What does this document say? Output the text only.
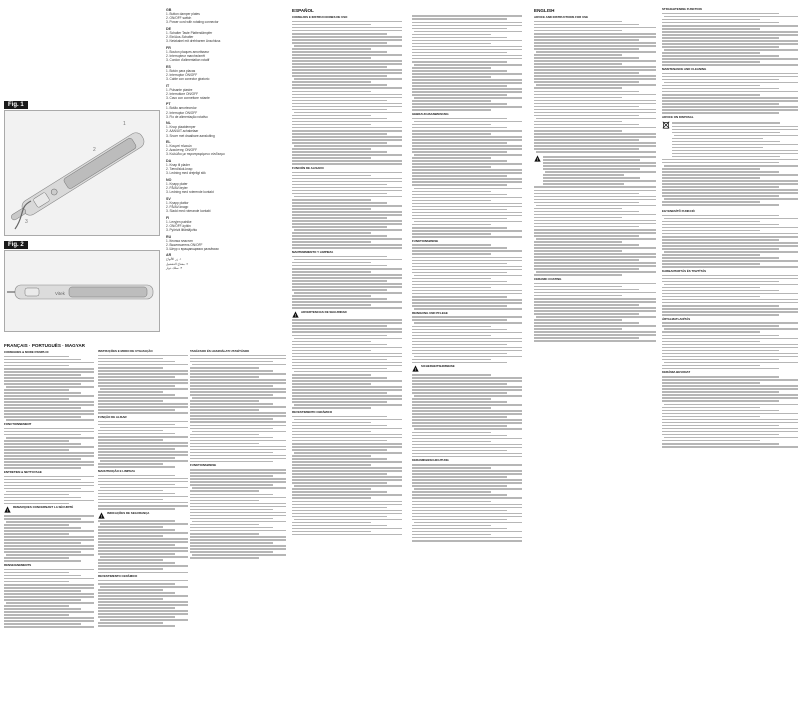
Fig. 1
1
2
3
Fig. 2
Vitek
GB
1. Button damper plates
2. ON/OFF switch
3. Power cord with rotating connector
DE
1. Schalter Taste Plattendämpfer
2. Ein/Aus-Schalter
3. Netzkabel mit drehbarem Anschluss
FR
1. Bouton plaques amortisseur
2. Interrupteur marche/arrêt
3. Cordon d'alimentation rotatif
ES
1. Botón para placas
2. Interruptor ON/OFF
3. Cable con conector giratorio
IT
1. Pulsante piastre
2. Interruttore ON/OFF
3. Cavo con connettore rotante
PT
1. Botão amortecedor
2. Interruptor ON/OFF
3. Fio de alimentação rotativo
NL
1. Knop plaatdemper
2. AAN/UIT-schakelaar
3. Snoer met draaibare aansluiting
EL
1. Κουμπί πλακών
2. Διακόπτης ON/OFF
3. Καλώδιο με περιστρεφόμενο σύνδεσμο
DA
1. Knap til plader
2. Tænd/sluk-knap
3. Ledning med drejeligt stik
NO
1. Knapp plater
2. PÅ/AV-bryter
3. Ledning med roterende kontakt
SV
1. Knapp plattor
2. PÅ/AV-knapp
3. Sladd med roterande kontakt
FI
1. Levyjen painike
2. ON/OFF-kytkin
3. Pyörivä liitäntäjohto
RU
1. Кнопка пластин
2. Выключатель ON/OFF
3. Шнур с вращающимся разъёмом
AR
١. زر الألواح
٢. مفتاح التشغيل
٣. سلك دوار
FRANÇAIS · PORTUGUÊS · MAGYAR
CONSIGNES & MODE D'EMPLOI
FONCTIONNEMENT
ENTRETIEN & NETTOYAGE
!
REMARQUES CONCERNANT LA SÉCURITÉ
RENSEIGNEMENTS
INSTRUÇÕES E MODO DE UTILIZAÇÃO
FUNÇÃO DE ALISAR
MANUTENÇÃO E LIMPEZA
!
INDICAÇÕES DE SEGURANÇA
REVESTIMENTO CERÂMICO
ESPAÑOL
CONSEJOS E INSTRUCCIONES DE USO
FUNCIÓN DE ALISADO
MANTENIMIENTO Y LIMPIEZA
!
ADVERTENCIAS DE SEGURIDAD
REVESTIMIENTO CERÁMICO
GEBRAUCHSANWEISUNG
FUNKTIONSWEISE
REINIGUNG UND PFLEGE
!
SICHERHEITSHINWEISE
KERAMIKBESCHICHTUNG
ENGLISH
ADVICE AND INSTRUCTIONS FOR USE
!
CERAMIC COATING
STRAIGHTENING FUNCTION
MAINTENANCE AND CLEANING
ADVICE ON DISPOSAL
EGYENESÍTŐ FUNKCIÓ
KARBANTARTÁS ÉS TISZTÍTÁS
ÁRTALMATLANÍTÁS
KERÁMIA BEVONAT
TANÁCSOK ÉS HASZNÁLATI UTASÍTÁSOK
FUNKTIONSWEISE
